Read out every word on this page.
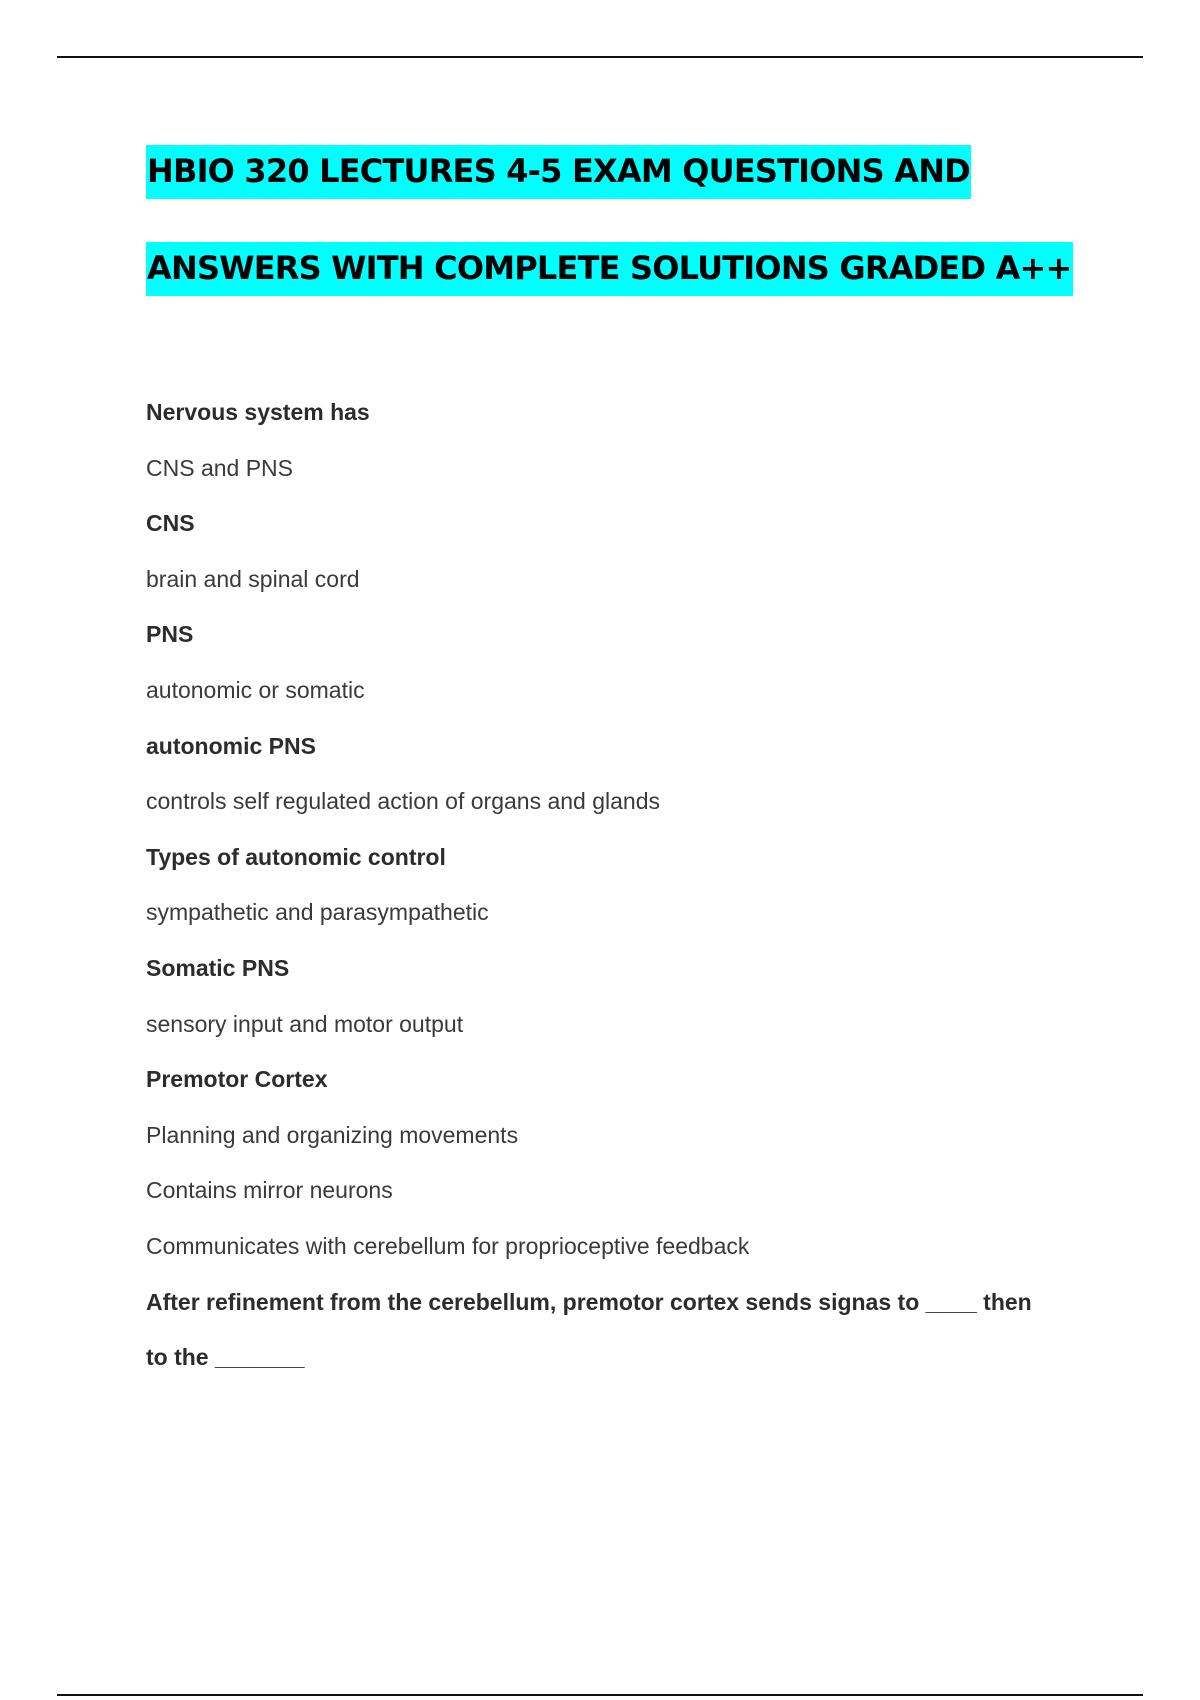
HBIO 320 LECTURES 4-5 EXAM QUESTIONS AND
ANSWERS WITH COMPLETE SOLUTIONS GRADED A++

Nervous system has

CNS and PNS

CNS

brain and spinal cord

PNS

autonomic or somatic

autonomic PNS

controls self regulated action of organs and glands

Types of autonomic control

sympathetic and parasympathetic

Somatic PNS

sensory input and motor output

Premotor Cortex

Planning and organizing movements

Contains mirror neurons

Communicates with cerebellum for proprioceptive feedback

After refinement from the cerebellum, premotor cortex sends signas to ____ then

to the _______
